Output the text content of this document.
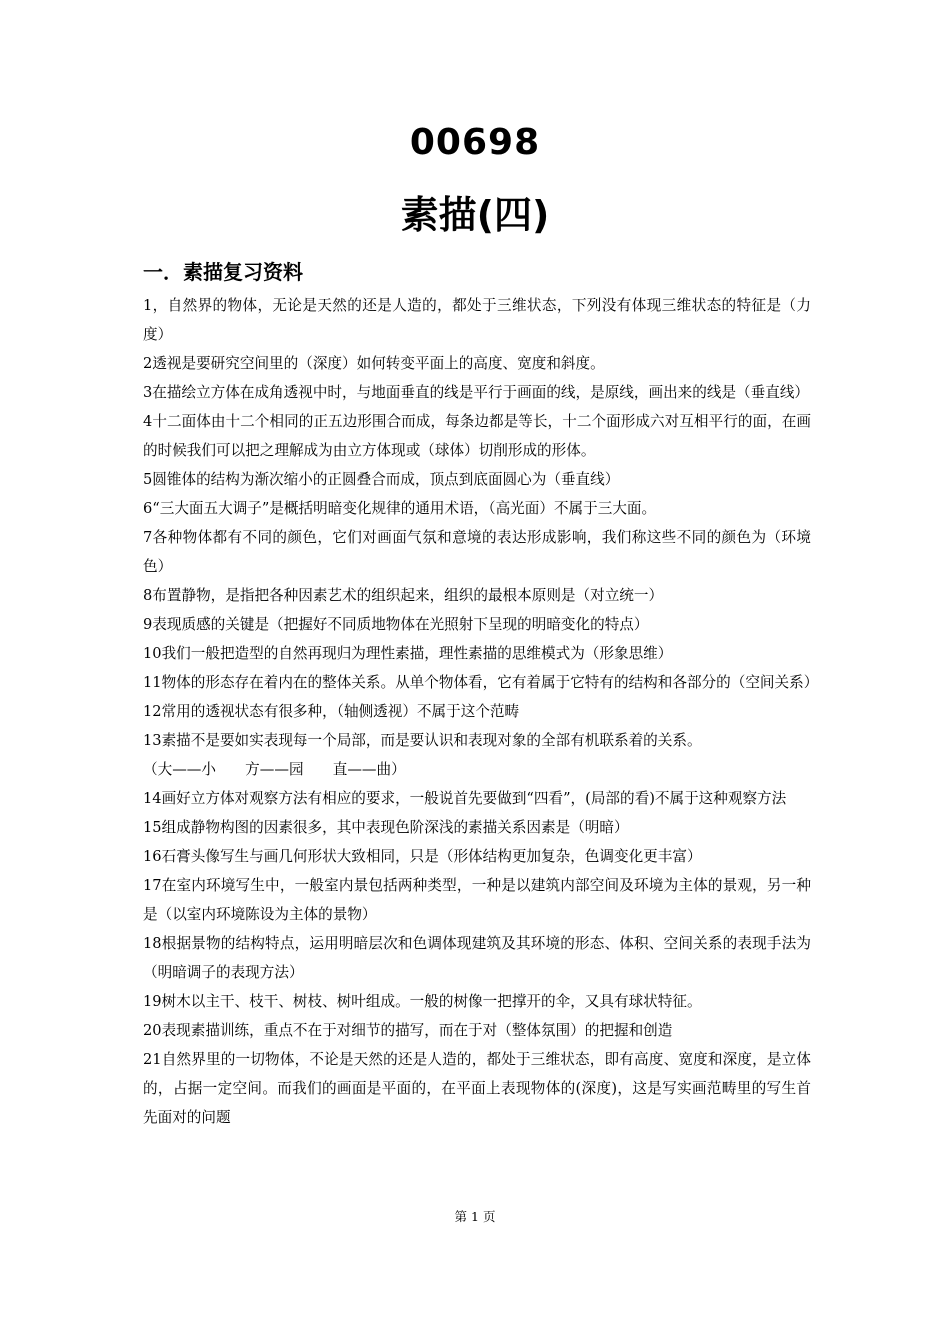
00698
素描(四)
一．素描复习资料

1，自然界的物体，无论是天然的还是人造的，都处于三维状态，下列没有体现三维状态的特征是（力度）

2透视是要研究空间里的（深度）如何转变平面上的高度、宽度和斜度。

3在描绘立方体在成角透视中时，与地面垂直的线是平行于画面的线，是原线，画出来的线是（垂直线）

4十二面体由十二个相同的正五边形围合而成，每条边都是等长，十二个面形成六对互相平行的面，在画的时候我们可以把之理解成为由立方体现或（球体）切削形成的形体。

5圆锥体的结构为渐次缩小的正圆叠合而成，顶点到底面圆心为（垂直线）

6“三大面五大调子”是概括明暗变化规律的通用术语，（高光面）不属于三大面。

7各种物体都有不同的颜色，它们对画面气氛和意境的表达形成影响，我们称这些不同的颜色为（环境色）

8布置静物，是指把各种因素艺术的组织起来，组织的最根本原则是（对立统一）

9表现质感的关键是（把握好不同质地物体在光照射下呈现的明暗变化的特点）

10我们一般把造型的自然再现归为理性素描，理性素描的思维模式为（形象思维）

11物体的形态存在着内在的整体关系。从单个物体看，它有着属于它特有的结构和各部分的（空间关系）

12常用的透视状态有很多种，（轴侧透视）不属于这个范畴

13素描不是要如实表现每一个局部，而是要认识和表现对象的全部有机联系着的关系。

（大——小　　方——园　　直——曲）

14画好立方体对观察方法有相应的要求，一般说首先要做到“四看”，(局部的看)不属于这种观察方法

15组成静物构图的因素很多，其中表现色阶深浅的素描关系因素是（明暗）

16石膏头像写生与画几何形状大致相同，只是（形体结构更加复杂，色调变化更丰富）

17在室内环境写生中，一般室内景包括两种类型，一种是以建筑内部空间及环境为主体的景观，另一种是（以室内环境陈设为主体的景物）

18根据景物的结构特点，运用明暗层次和色调体现建筑及其环境的形态、体积、空间关系的表现手法为（明暗调子的表现方法）

19树木以主干、枝干、树枝、树叶组成。一般的树像一把撑开的伞，又具有球状特征。

20表现素描训练，重点不在于对细节的描写，而在于对（整体氛围）的把握和创造

21自然界里的一切物体，不论是天然的还是人造的，都处于三维状态，即有高度、宽度和深度，是立体的，占据一定空间。而我们的画面是平面的，在平面上表现物体的(深度)，这是写实画范畴里的写生首先面对的问题

第 1 页
